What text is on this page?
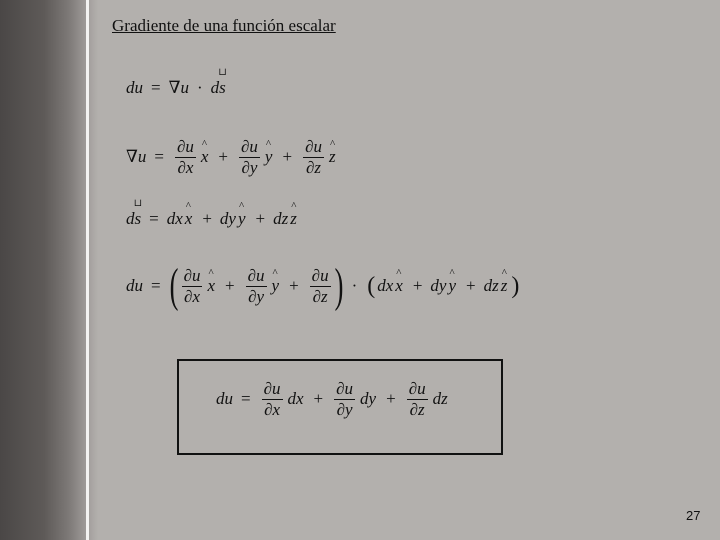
Gradiente de una función escalar
du = ∇ u ·
⊔ ds
∇ $u = \frac{\partial u}{\partial x}$ x ^ + $\frac{\partial u}{\partial y}$ y ^ + $\frac{\partial u}{\partial z}$ z ^
⊔ ds = dx x ^ + dy y ^ + dz z ^
du = ( $\frac{\partial u}{\partial x}$ x ^ + $\frac{\partial u}{\partial y}$ y ^ + $\frac{\partial u}{\partial z}$ ) · ( dx x ^ + dy y ^ + dz z ^ )
du = $\frac{\partial u}{\partial x}$ dx + $\frac{\partial u}{\partial y}$ dy + $\frac{\partial u}{\partial z}$ dz
27
